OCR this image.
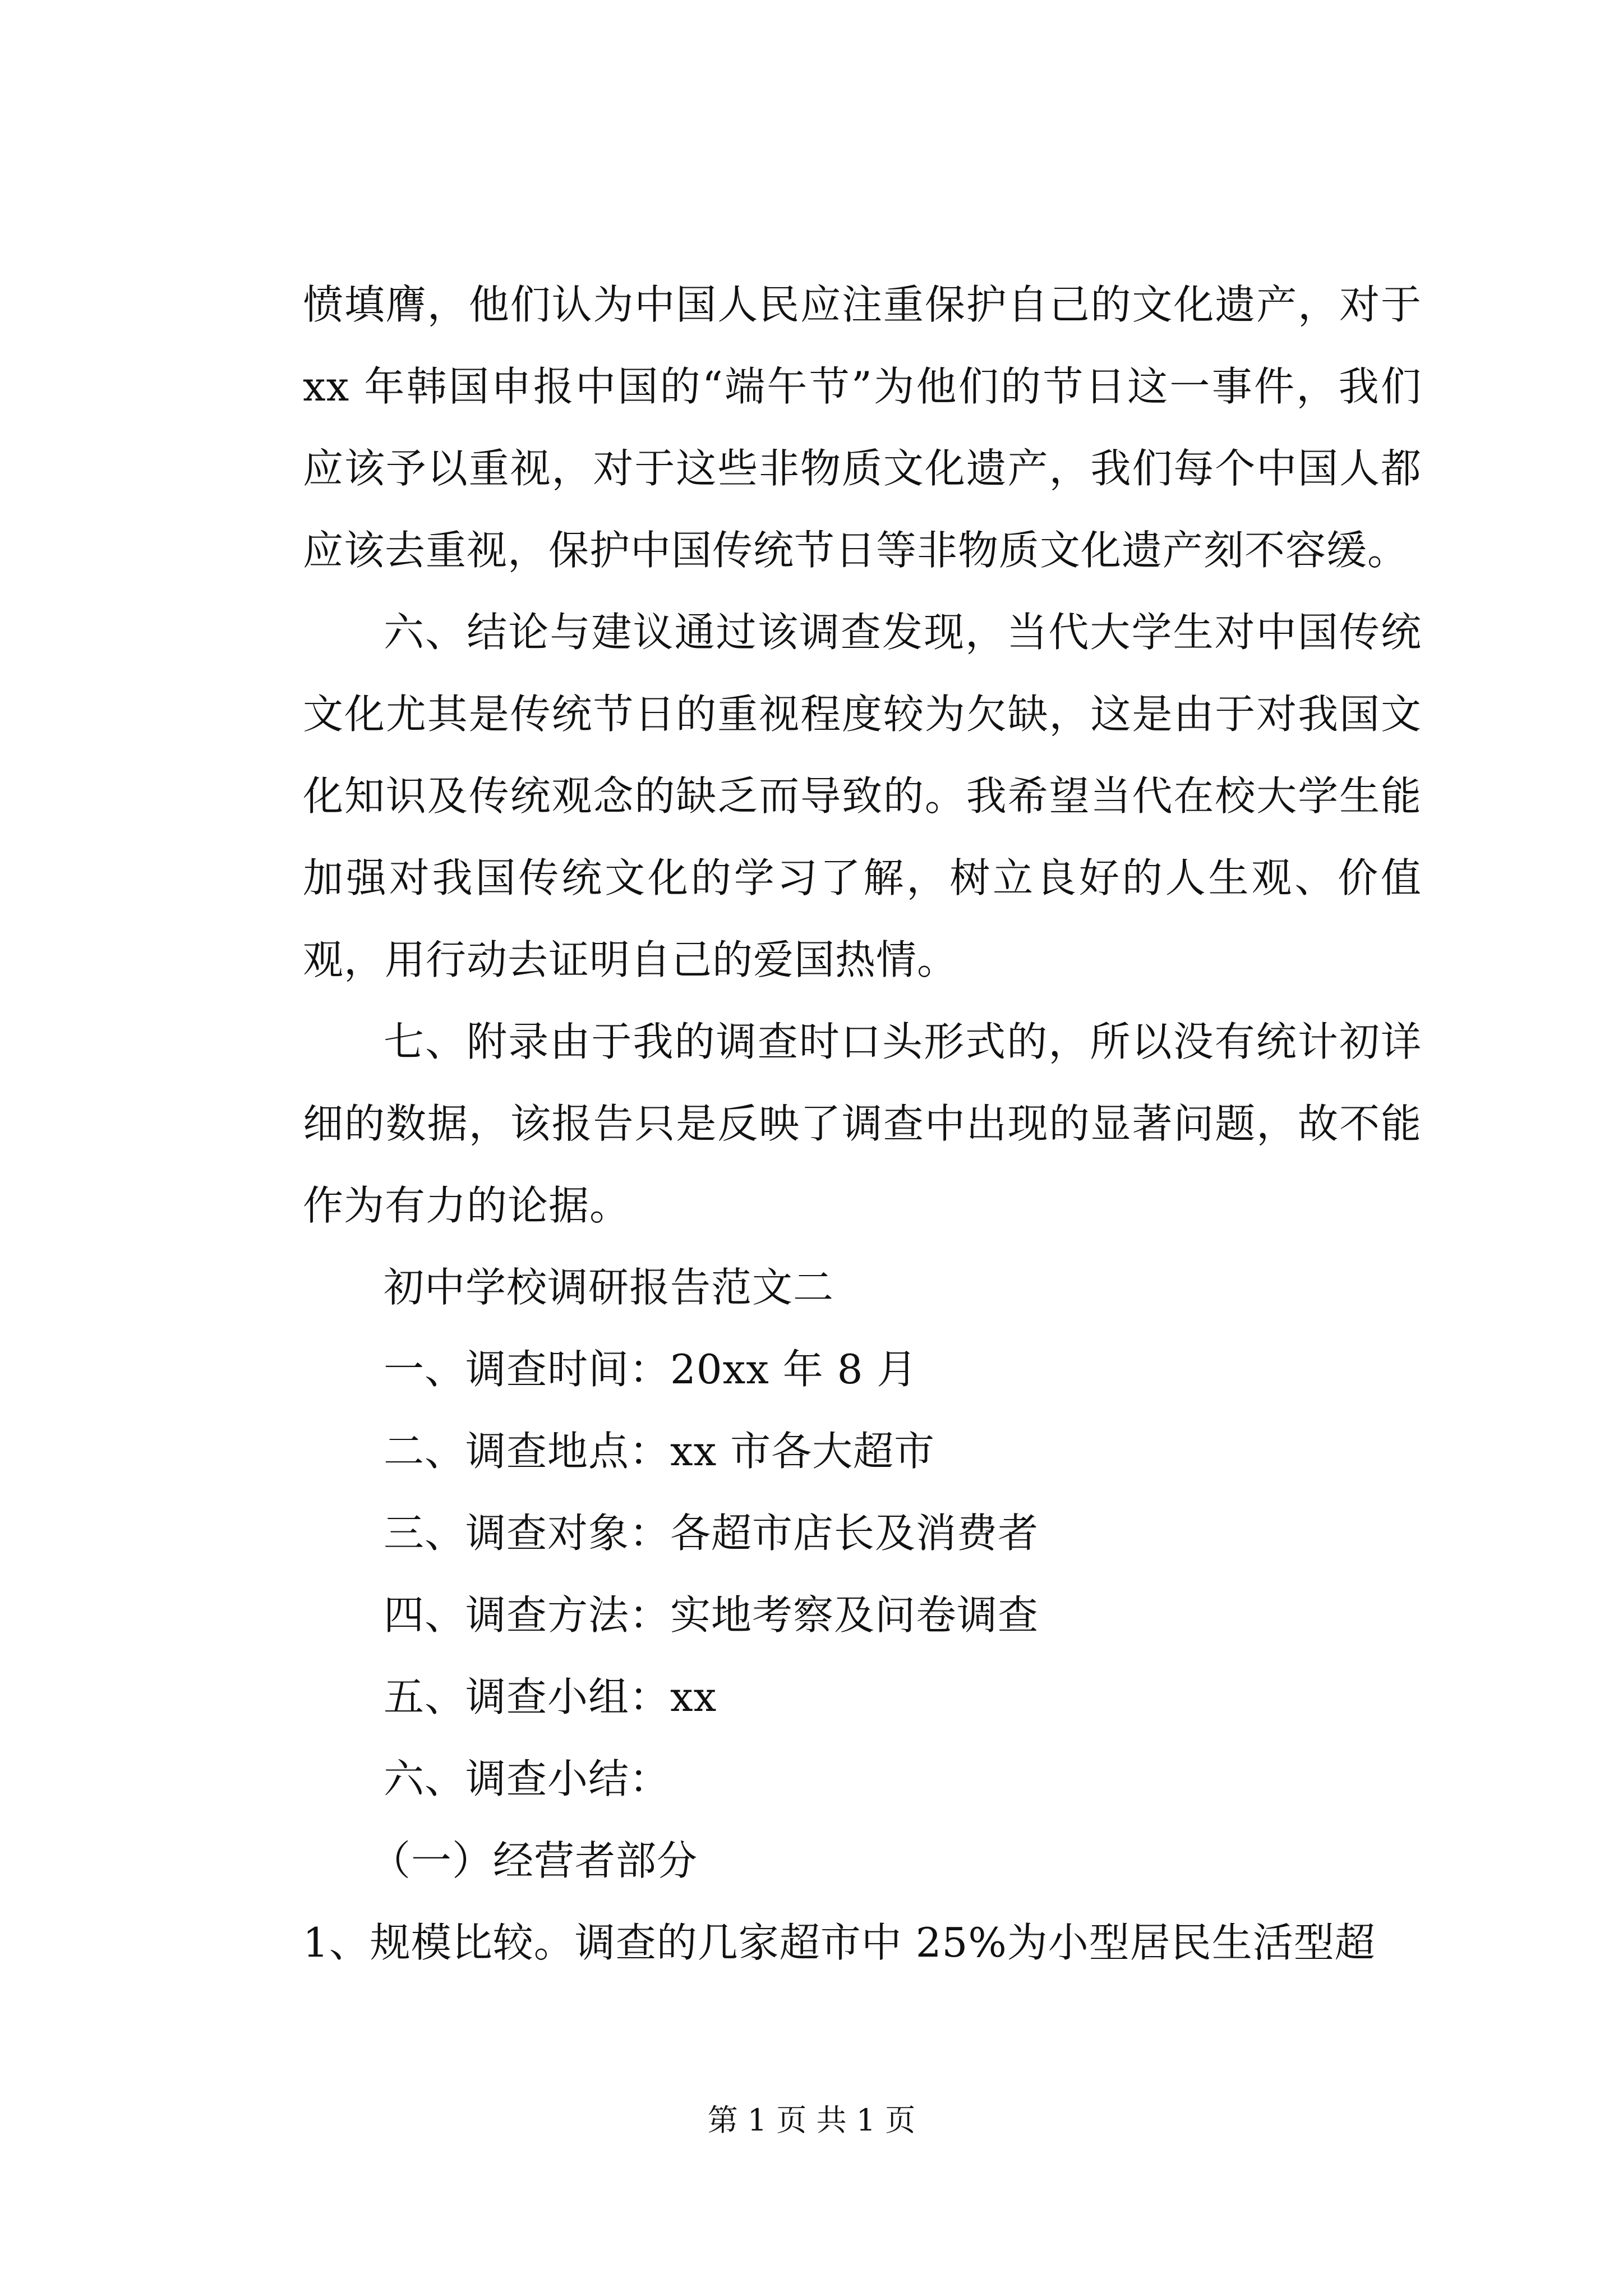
愤填膺，他们认为中国人民应注重保护自己的文化遗产，对于 xx 年韩国申报中国的“端午节”为他们的节日这一事件，我们应该予以重视，对于这些非物质文化遗产，我们每个中国人都应该去重视，保护中国传统节日等非物质文化遗产刻不容缓。

六、结论与建议通过该调查发现，当代大学生对中国传统文化尤其是传统节日的重视程度较为欠缺，这是由于对我国文化知识及传统观念的缺乏而导致的。我希望当代在校大学生能加强对我国传统文化的学习了解，树立良好的人生观、价值观，用行动去证明自己的爱国热情。

七、附录由于我的调查时口头形式的，所以没有统计初详细的数据，该报告只是反映了调查中出现的显著问题，故不能作为有力的论据。

初中学校调研报告范文二

一、调查时间：20xx 年 8 月

二、调查地点：xx 市各大超市

三、调查对象：各超市店长及消费者

四、调查方法：实地考察及问卷调查

五、调查小组：xx

六、调查小结：

（一）经营者部分

1、规模比较。调查的几家超市中 25%为小型居民生活型超

第 1 页 共 1 页
